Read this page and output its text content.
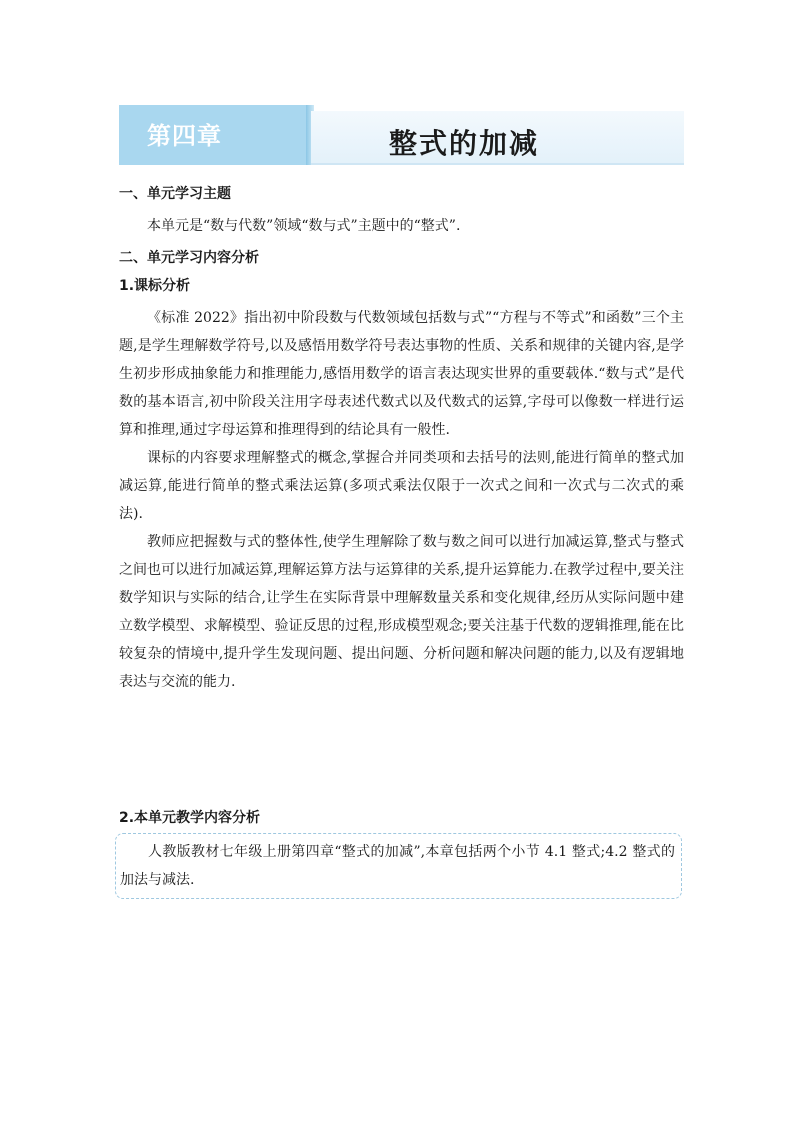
第四章	整式的加减
一、单元学习主题

本单元是“数与代数”领域“数与式”主题中的“整式”.

二、单元学习内容分析
1.课标分析

《标准 2022》指出初中阶段数与代数领域包括数与式”“方程与不等式”和函数”三个主题,是学生理解数学符号,以及感悟用数学符号表达事物的性质、关系和规律的关键内容,是学生初步形成抽象能力和推理能力,感悟用数学的语言表达现实世界的重要载体.“数与式”是代数的基本语言,初中阶段关注用字母表述代数式以及代数式的运算,字母可以像数一样进行运算和推理,通过字母运算和推理得到的结论具有一般性.

课标的内容要求理解整式的概念,掌握合并同类项和去括号的法则,能进行简单的整式加减运算,能进行简单的整式乘法运算(多项式乘法仅限于一次式之间和一次式与二次式的乘法).

教师应把握数与式的整体性,使学生理解除了数与数之间可以进行加减运算,整式与整式之间也可以进行加减运算,理解运算方法与运算律的关系,提升运算能力.在教学过程中,要关注数学知识与实际的结合,让学生在实际背景中理解数量关系和变化规律,经历从实际问题中建立数学模型、求解模型、验证反思的过程,形成模型观念;要关注基于代数的逻辑推理,能在比较复杂的情境中,提升学生发现问题、提出问题、分析问题和解决问题的能力,以及有逻辑地表达与交流的能力.

2.本单元教学内容分析

人教版教材七年级上册第四章“整式的加减”,本章包括两个小节 4.1 整式;4.2 整式的加法与减法.
